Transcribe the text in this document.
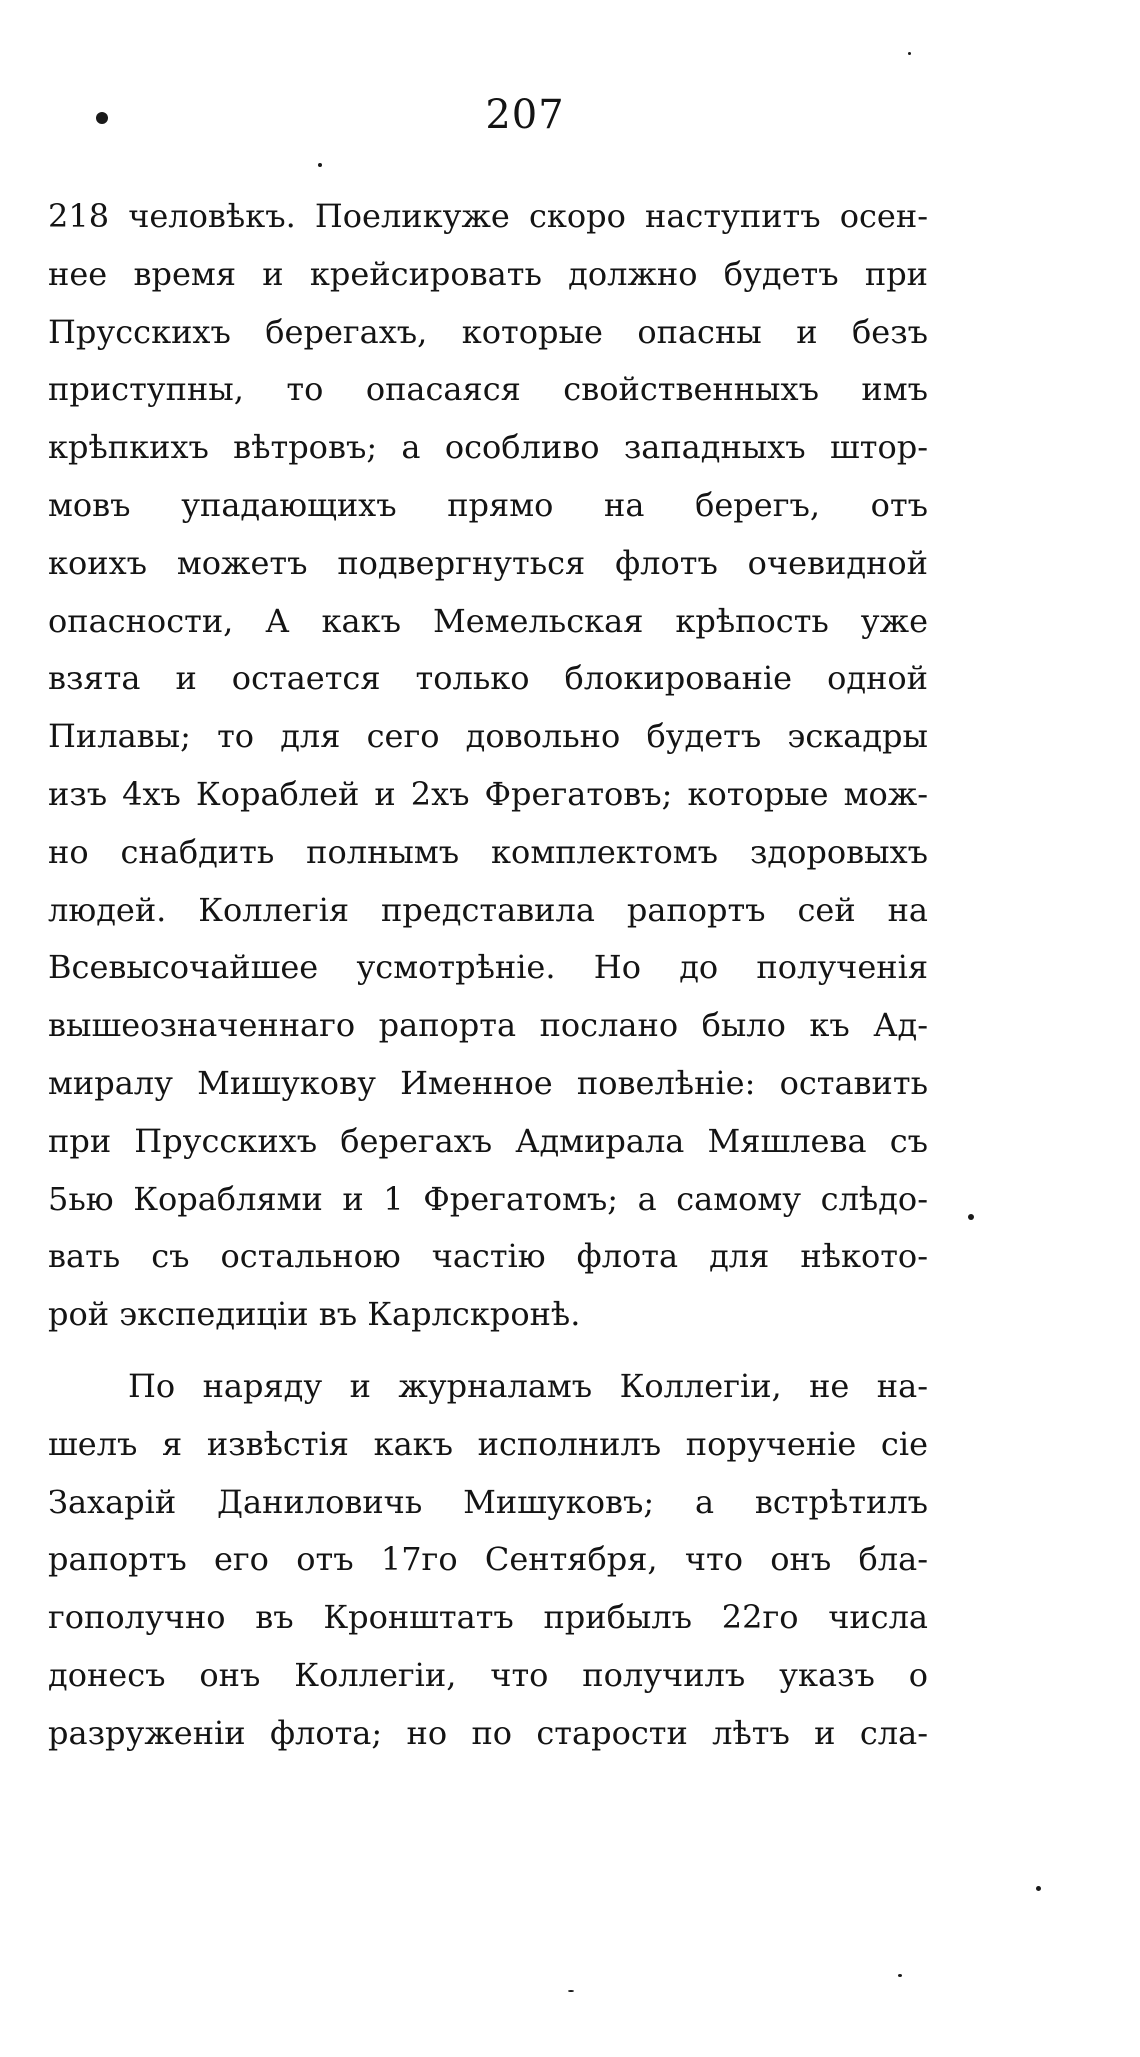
207
218 человѣкъ. Поеликуже скоро наступитъ осен-
нее время и крейсировать должно будетъ при
Прусскихъ берегахъ, которые опасны и безъ
приступны, то опасаяся свойственныхъ имъ
крѣпкихъ вѣтровъ; а особливо западныхъ штор-
мовъ упадающихъ прямо на берегъ, отъ
коихъ можетъ подвергнуться флотъ очевидной
опасности, А какъ Мемельская крѣпость уже
взята и остается только блокированіе одной
Пилавы; то для сего довольно будетъ эскадры
изъ 4хъ Кораблей и 2хъ Фрегатовъ; которые мож-
но снабдить полнымъ комплектомъ здоровыхъ
людей. Коллегія представила рапортъ сей на
Всевысочайшее усмотрѣніе. Но до полученія
вышеозначеннаго рапорта послано было къ Ад-
миралу Мишукову Именное повелѣніе: оставить
при Прусскихъ берегахъ Адмирала Мяшлева съ
5ью Кораблями и 1 Фрегатомъ; а самому слѣдо-
вать съ остальною частію флота для нѣкото-
рой экспедиціи въ Карлскронѣ.
По наряду и журналамъ Коллегіи, не на-
шелъ я извѣстія какъ исполнилъ порученіе сіе
Захарій Даниловичь Мишуковъ; а встрѣтилъ
рапортъ его отъ 17го Сентября, что онъ бла-
гополучно въ Кронштатъ прибылъ 22го числа
донесъ онъ Коллегіи, что получилъ указъ о
разруженіи флота; но по старости лѣтъ и сла-
